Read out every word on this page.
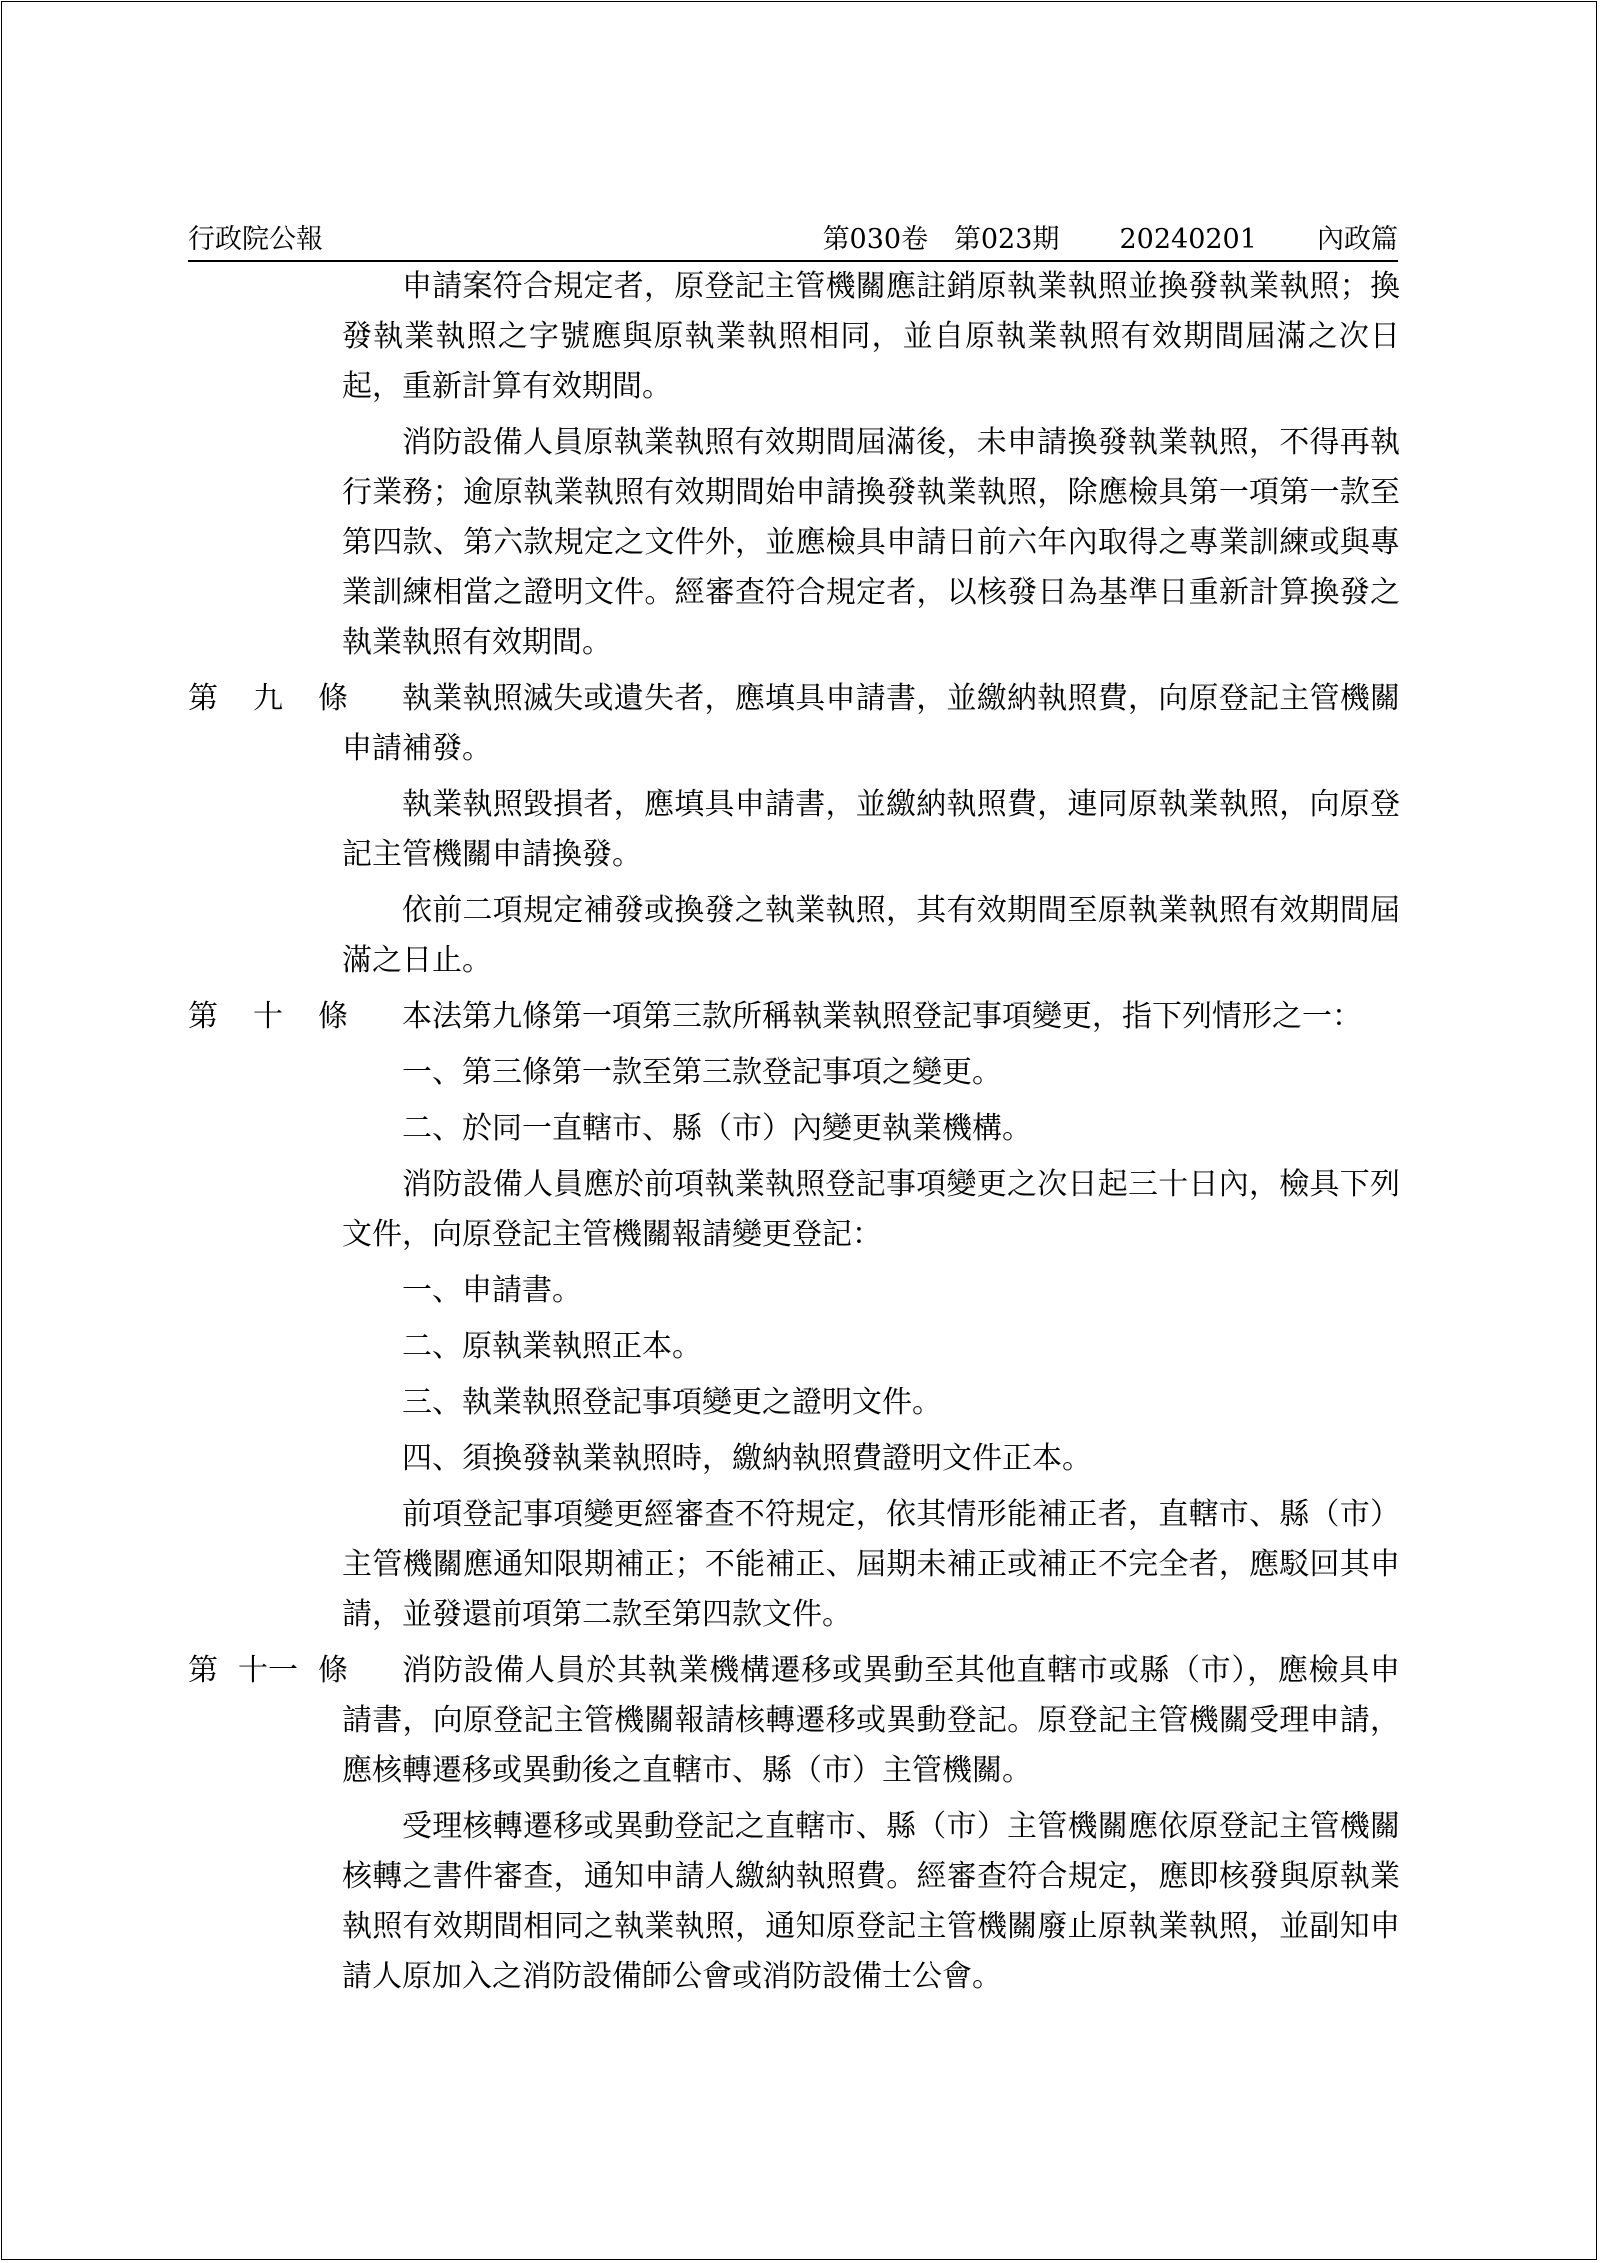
行政院公報	第030卷 第023期 20240201 內政篇

申請案符合規定者，原登記主管機關應註銷原執業執照並換發執業執照；換發執業執照之字號應與原執業執照相同，並自原執業執照有效期間屆滿之次日起，重新計算有效期間。

消防設備人員原執業執照有效期間屆滿後，未申請換發執業執照，不得再執行業務；逾原執業執照有效期間始申請換發執業執照，除應檢具第一項第一款至第四款、第六款規定之文件外，並應檢具申請日前六年內取得之專業訓練或與專業訓練相當之證明文件。經審查符合規定者，以核發日為基準日重新計算換發之執業執照有效期間。

第 九 條 執業執照滅失或遺失者，應填具申請書，並繳納執照費，向原登記主管機關申請補發。

執業執照毀損者，應填具申請書，並繳納執照費，連同原執業執照，向原登記主管機關申請換發。

依前二項規定補發或換發之執業執照，其有效期間至原執業執照有效期間屆滿之日止。

第 十 條 本法第九條第一項第三款所稱執業執照登記事項變更，指下列情形之一：

一、第三條第一款至第三款登記事項之變更。

二、於同一直轄市、縣（市）內變更執業機構。

消防設備人員應於前項執業執照登記事項變更之次日起三十日內，檢具下列文件，向原登記主管機關報請變更登記：

一、申請書。

二、原執業執照正本。

三、執業執照登記事項變更之證明文件。

四、須換發執業執照時，繳納執照費證明文件正本。

前項登記事項變更經審查不符規定，依其情形能補正者，直轄市、縣（市）主管機關應通知限期補正；不能補正、屆期未補正或補正不完全者，應駁回其申請，並發還前項第二款至第四款文件。

第 十一 條 消防設備人員於其執業機構遷移或異動至其他直轄市或縣（市），應檢具申請書，向原登記主管機關報請核轉遷移或異動登記。原登記主管機關受理申請，應核轉遷移或異動後之直轄市、縣（市）主管機關。

受理核轉遷移或異動登記之直轄市、縣（市）主管機關應依原登記主管機關核轉之書件審查，通知申請人繳納執照費。經審查符合規定，應即核發與原執業執照有效期間相同之執業執照，通知原登記主管機關廢止原執業執照，並副知申請人原加入之消防設備師公會或消防設備士公會。
